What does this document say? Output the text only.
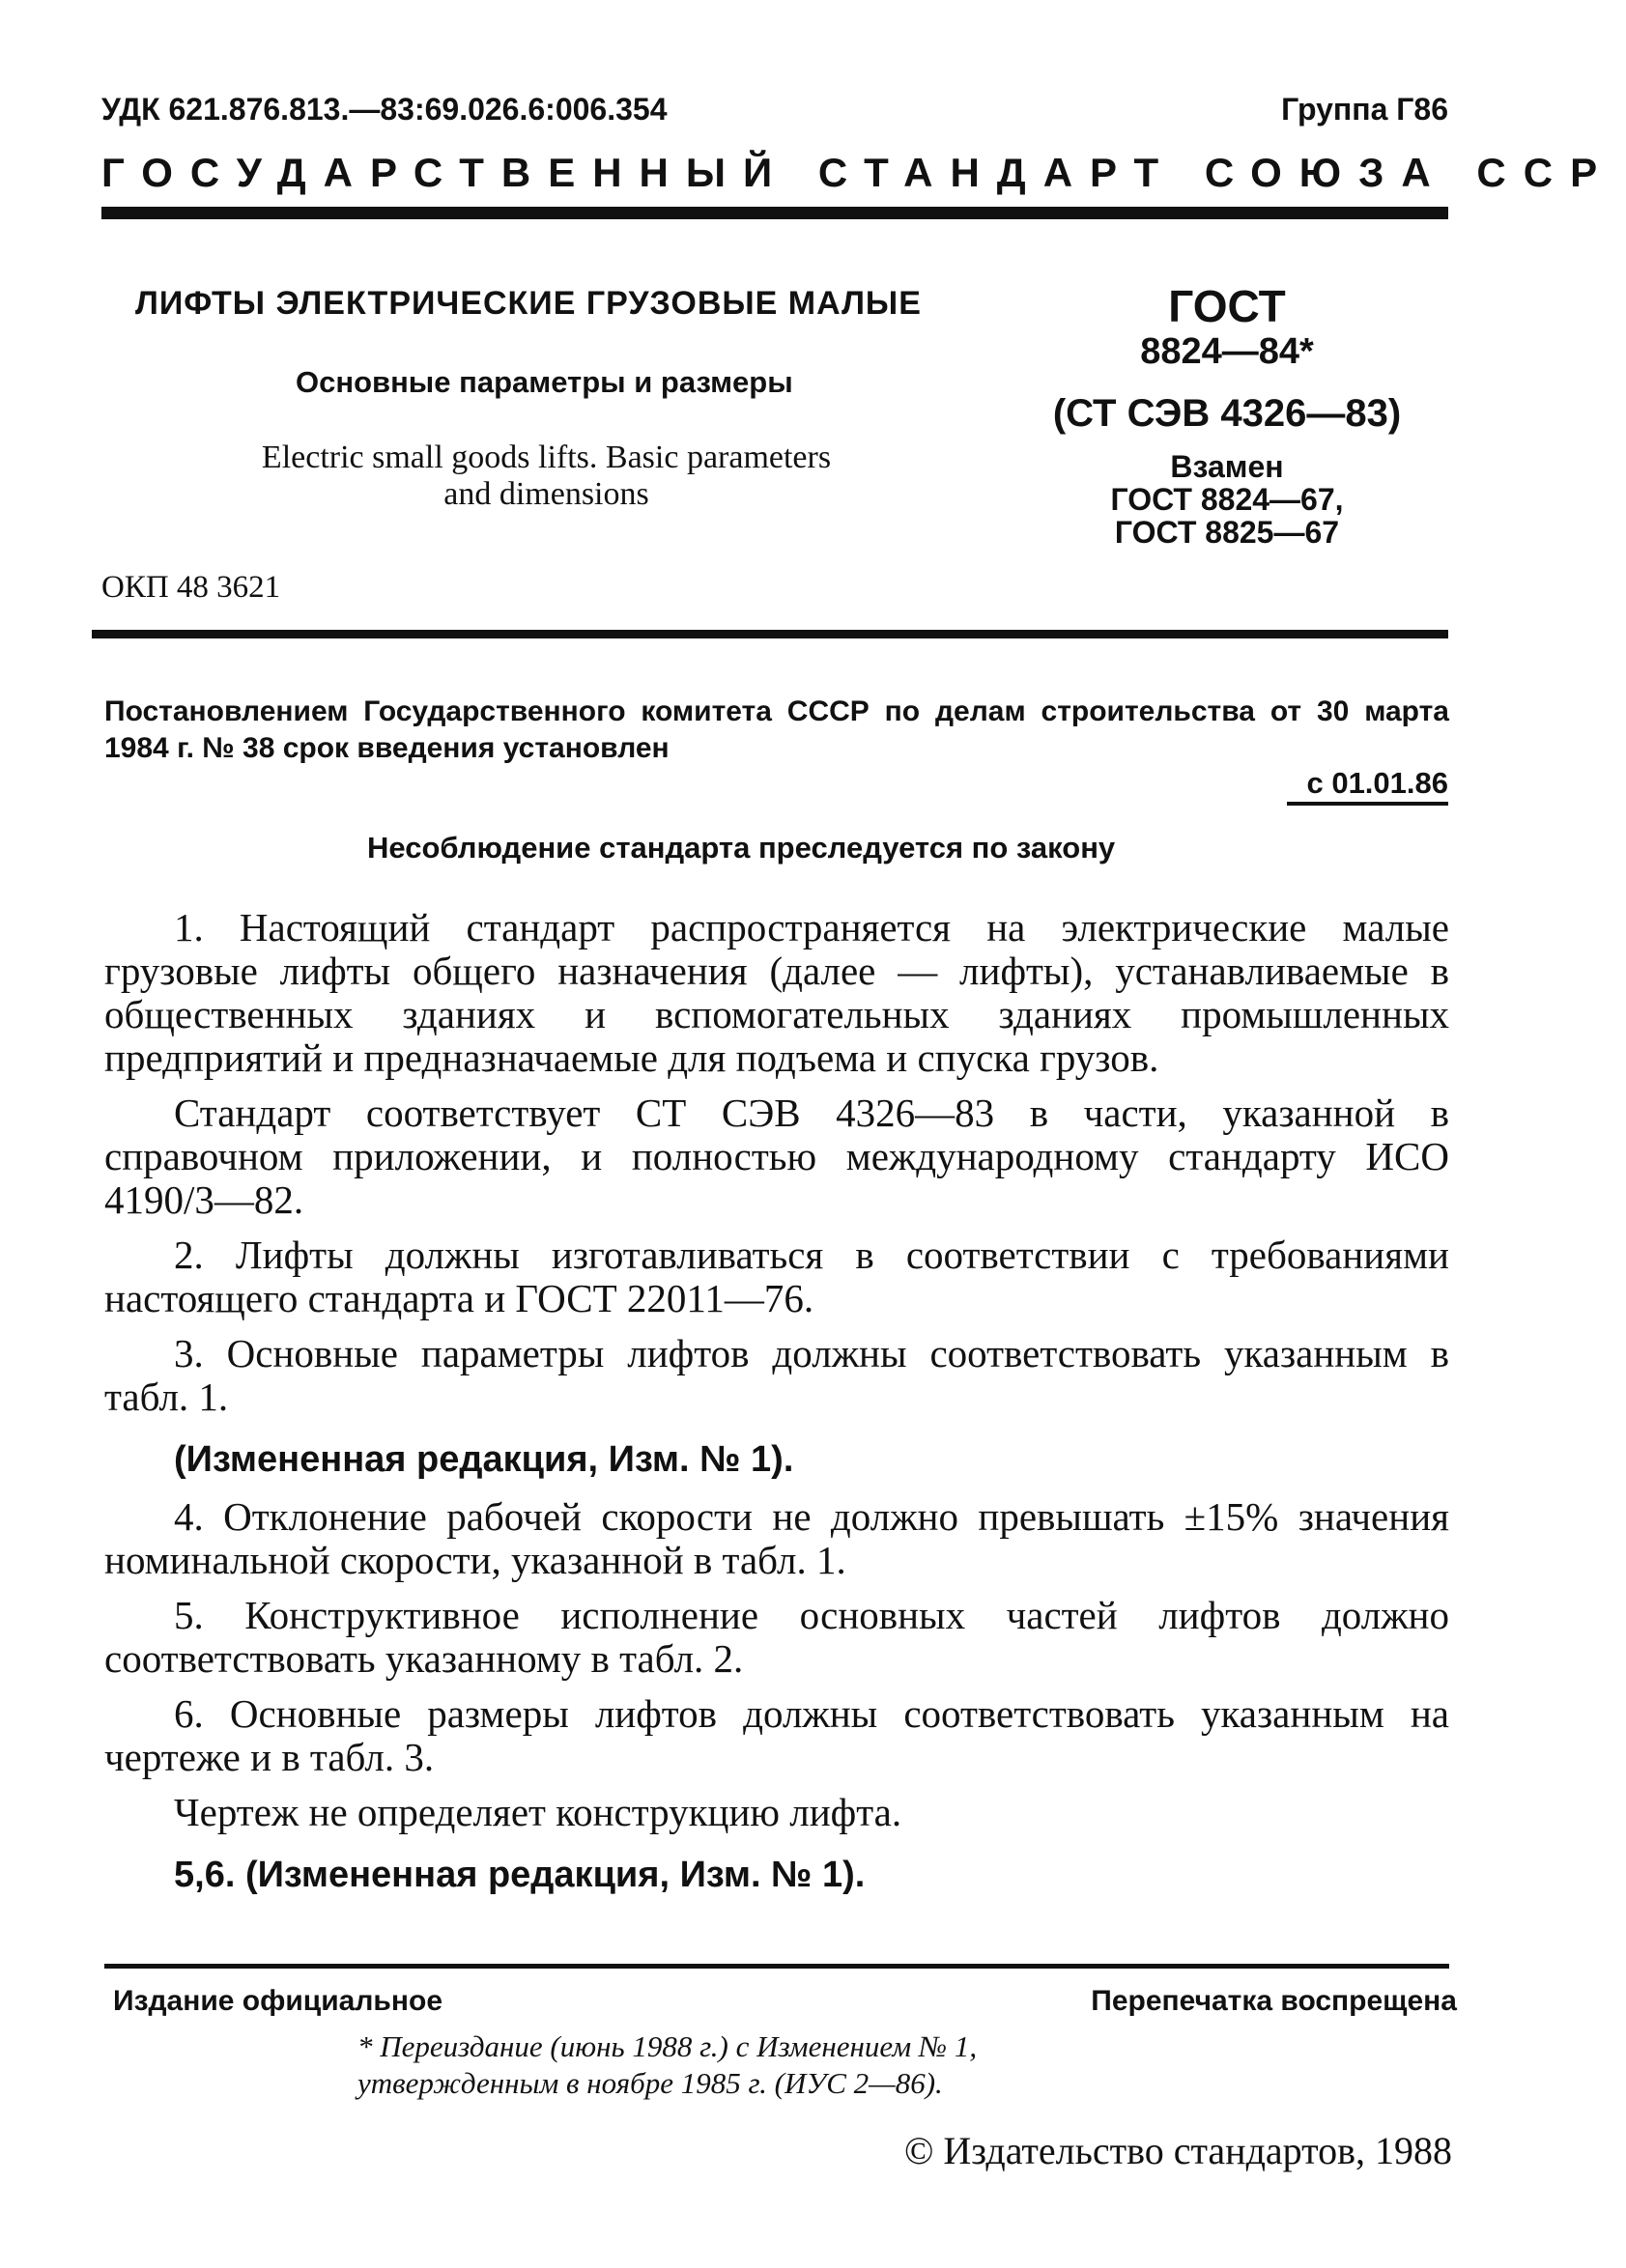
УДК 621.876.813.—83:69.026.6:006.354	Группа Г86
ГОСУДАРСТВЕННЫЙ СТАНДАРТ СОЮЗА ССР
ЛИФТЫ ЭЛЕКТРИЧЕСКИЕ ГРУЗОВЫЕ МАЛЫЕ
Основные параметры и размеры
Electric small goods lifts. Basic parameters and dimensions
ОКП 48 3621
ГОСТ
8824—84*
(СТ СЭВ 4326—83)
Взамен
ГОСТ 8824—67,
ГОСТ 8825—67
Постановлением Государственного комитета СССР по делам строительства от 30 марта 1984 г. № 38 срок введения установлен
с 01.01.86
Несоблюдение стандарта преследуется по закону

1. Настоящий стандарт распространяется на электрические малые грузовые лифты общего назначения (далее — лифты), устанавливаемые в общественных зданиях и вспомогательных зданиях промышленных предприятий и предназначаемые для подъема и спуска грузов.

Стандарт соответствует СТ СЭВ 4326—83 в части, указанной в справочном приложении, и полностью международному стандарту ИСО 4190/3—82.

2. Лифты должны изготавливаться в соответствии с требованиями настоящего стандарта и ГОСТ 22011—76.

3. Основные параметры лифтов должны соответствовать указанным в табл. 1.

(Измененная редакция, Изм. № 1).

4. Отклонение рабочей скорости не должно превышать ±15% значения номинальной скорости, указанной в табл. 1.

5. Конструктивное исполнение основных частей лифтов должно соответствовать указанному в табл. 2.

6. Основные размеры лифтов должны соответствовать указанным на чертеже и в табл. 3.

Чертеж не определяет конструкцию лифта.

5,6. (Измененная редакция, Изм. № 1).

Издание официальное	Перепечатка воспрещена
* Переиздание (июнь 1988 г.) с Изменением № 1,
утвержденным в ноябре 1985 г. (ИУС 2—86).
© Издательство стандартов, 1988
